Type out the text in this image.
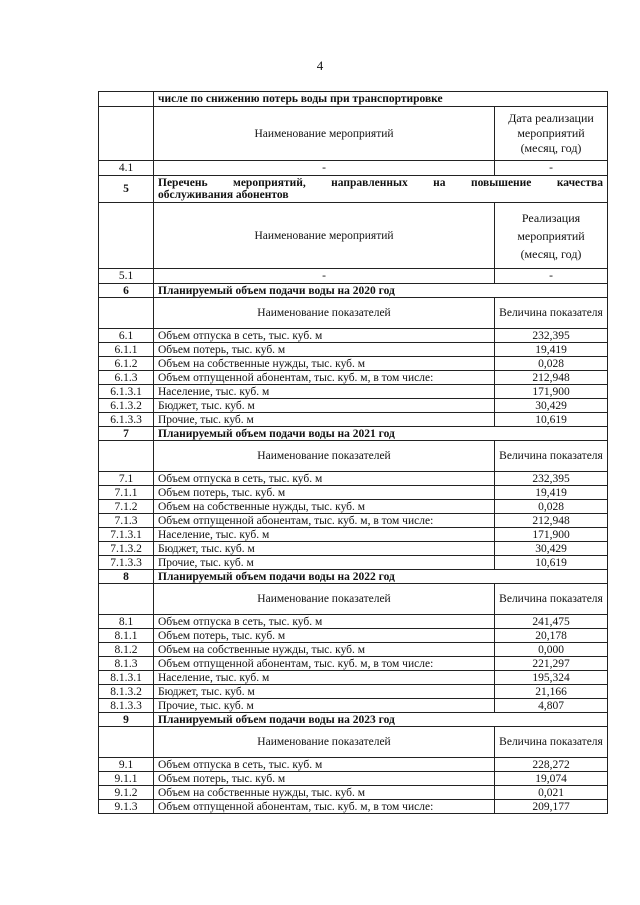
4
	числе по снижению потерь воды при транспортировке	
	Наименование мероприятий	Дата реализации мероприятий (месяц, год)
4.1	-	-
5	Перечень мероприятий, направленных на повышение качества
обслуживания абонентов	

	Наименование мероприятий	Реализация мероприятий (месяц, год)
5.1	-	-
6	Планируемый объем подачи воды на 2020 год	
	Наименование показателей	Величина показателя
6.1	Объем отпуска в сеть, тыс. куб. м	232,395
6.1.1	Объем потерь, тыс. куб. м	19,419
6.1.2	Объем на собственные нужды, тыс. куб. м	0,028
6.1.3	Объем отпущенной абонентам, тыс. куб. м, в том числе:	212,948
6.1.3.1	Население, тыс. куб. м	171,900
6.1.3.2	Бюджет, тыс. куб. м	30,429
6.1.3.3	Прочие, тыс. куб. м	10,619
7	Планируемый объем подачи воды на 2021 год	
	Наименование показателей	Величина показателя
7.1	Объем отпуска в сеть, тыс. куб. м	232,395
7.1.1	Объем потерь, тыс. куб. м	19,419
7.1.2	Объем на собственные нужды, тыс. куб. м	0,028
7.1.3	Объем отпущенной абонентам, тыс. куб. м, в том числе:	212,948
7.1.3.1	Население, тыс. куб. м	171,900
7.1.3.2	Бюджет, тыс. куб. м	30,429
7.1.3.3	Прочие, тыс. куб. м	10,619
8	Планируемый объем подачи воды на 2022 год	
	Наименование показателей	Величина показателя
8.1	Объем отпуска в сеть, тыс. куб. м	241,475
8.1.1	Объем потерь, тыс. куб. м	20,178
8.1.2	Объем на собственные нужды, тыс. куб. м	0,000
8.1.3	Объем отпущенной абонентам, тыс. куб. м, в том числе:	221,297
8.1.3.1	Население, тыс. куб. м	195,324
8.1.3.2	Бюджет, тыс. куб. м	21,166
8.1.3.3	Прочие, тыс. куб. м	4,807
9	Планируемый объем подачи воды на 2023 год	
	Наименование показателей	Величина показателя
9.1	Объем отпуска в сеть, тыс. куб. м	228,272
9.1.1	Объем потерь, тыс. куб. м	19,074
9.1.2	Объем на собственные нужды, тыс. куб. м	0,021
9.1.3	Объем отпущенной абонентам, тыс. куб. м, в том числе:	209,177
